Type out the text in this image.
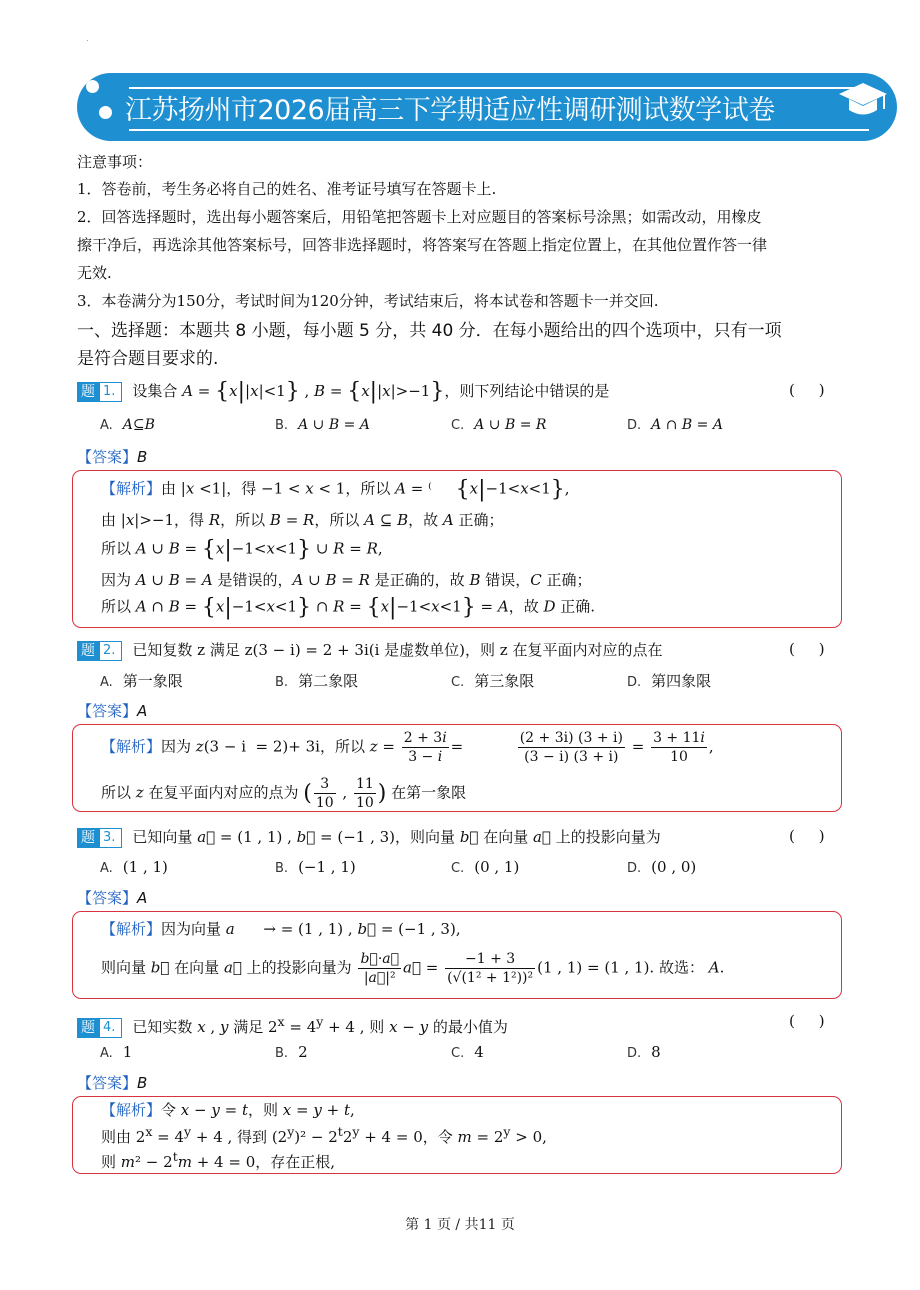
·
江苏扬州市2026届高三下学期适应性调研测试数学试卷
注意事项：
1．答卷前，考生务必将自己的姓名、准考证号填写在答题卡上.
2．回答选择题时，选出每小题答案后，用铅笔把答题卡上对应题目的答案标号涂黑；如需改动，用橡皮
擦干净后，再选涂其他答案标号，回答非选择题时，将答案写在答题上指定位置上，在其他位置作答一律
无效.
3．本卷满分为150分，考试时间为120分钟，考试结束后，将本试卷和答题卡一并交回.
一、选择题：本题共 8 小题，每小题 5 分，共 40 分．在每小题给出的四个选项中，只有一项
是符合题目要求的.
题 1. 设集合 A = {x||x|<1} , B = {x||x|>−1}，则下列结论中错误的是	(     )
A. A⊆B	B. A ∪ B = A	C. A ∪ B = R	D. A ∩ B = A
【答案】B
【解析】由 |x <1|，得 −1 < x < 1，所以 A = ⁽     {x|−1<x<1},
由 |x|>−1，得 R，所以 B = R，所以 A ⊆ B，故 A 正确；
所以 A ∪ B = {x|−1<x<1} ∪ R = R,
因为 A ∪ B = A 是错误的，A ∪ B = R 是正确的，故 B 错误，C 正确；
所以 A ∩ B = {x|−1<x<1} ∩ R = {x|−1<x<1} = A，故 D 正确.
题 2. 已知复数 z 满足 z(3 − i) = 2 + 3i(i 是虚数单位)，则 z 在复平面内对应的点在	(     )
A. 第一象限	B. 第二象限	C. 第三象限	D. 第四象限
【答案】A
【解析】因为 z(3 − i  = 2)+ 3i，所以 $z = \frac{2 + 3i}{3 - i} = \frac{(2 + 3i) (3 + i)}{(3 - i) (3 + i)} = \frac{3 + 11i}{10}$ ,
所以 z 在复平面内对应的点为 ( $\frac{3}{10}$ , $\frac{11}{10}$ ) 在第一象限
题 3. 已知向量 a⃗ = (1 , 1) , b⃗ = (−1 , 3)，则向量 b⃗ 在向量 a⃗ 上的投影向量为	(     )
A. (1 , 1)	B. (−1 , 1)	C. (0 , 1)	D. (0 , 0)
【答案】A
【解析】因为向量 a      → = (1 , 1) , b⃗ = (−1 , 3),
则向量 b⃗ 在向量 a⃗ 上的投影向量为 $\frac{b⃗\cdot a⃗}{\text{|a⃗|²}}$ a⃗ = $\frac{-1 + 3}{\text{(√(1² + 1²))²}} (1$ , 1) = (1 , 1). 故选： A.
题 4. 已知实数 x , y 满足 $2^x = 4^y + 4$ , 则 x − y 的最小值为	(     )
A. 1	B. 2	C. 4	D. 8
【答案】B
【解析】令 x − y = t，则 x = y + t,
则由 $2^x = 4^y + 4$ , 得到 $(2^y)^2 - 2^t2^y + 4 = 0$，令 $m = 2^y > 0$,
则 $m^2 - 2^tm + 4 = 0$，存在正根,
第 1 页 / 共11 页
